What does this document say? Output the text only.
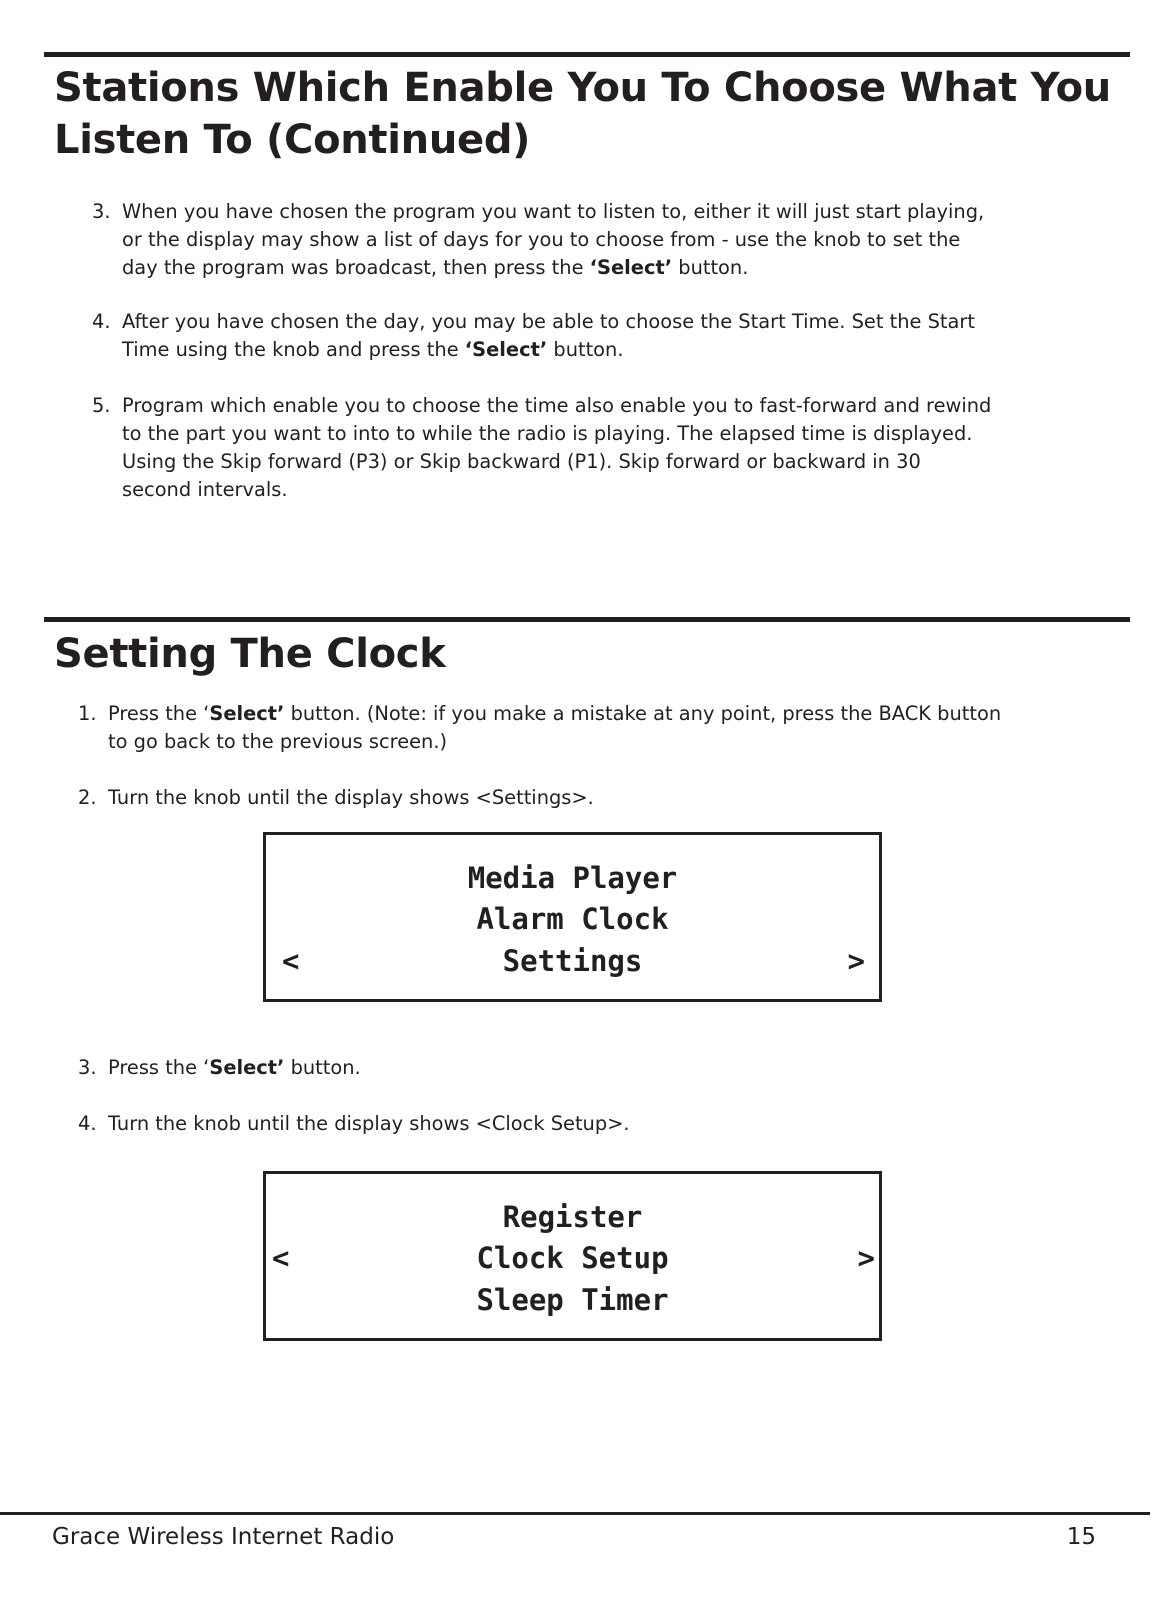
Stations Which Enable You To Choose What You
Listen To (Continued)
3. When you have chosen the program you want to listen to, either it will just start playing,
or the display may show a list of days for you to choose from - use the knob to set the
day the program was broadcast, then press the ‘Select’ button.
4. After you have chosen the day, you may be able to choose the Start Time. Set the Start
Time using the knob and press the ‘Select’ button.
5. Program which enable you to choose the time also enable you to fast-forward and rewind
to the part you want to into to while the radio is playing. The elapsed time is displayed.
Using the Skip forward (P3) or Skip backward (P1). Skip forward or backward in 30
second intervals.
Setting The Clock
1. Press the ‘Select’ button. (Note: if you make a mistake at any point, press the BACK button
to go back to the previous screen.)
2. Turn the knob until the display shows <Settings>.
Media Player
Alarm Clock
Settings
<	>
3. Press the ‘Select’ button.
4. Turn the knob until the display shows <Clock Setup>.
Register
Clock Setup
Sleep Timer
<	>
Grace Wireless Internet Radio	15
